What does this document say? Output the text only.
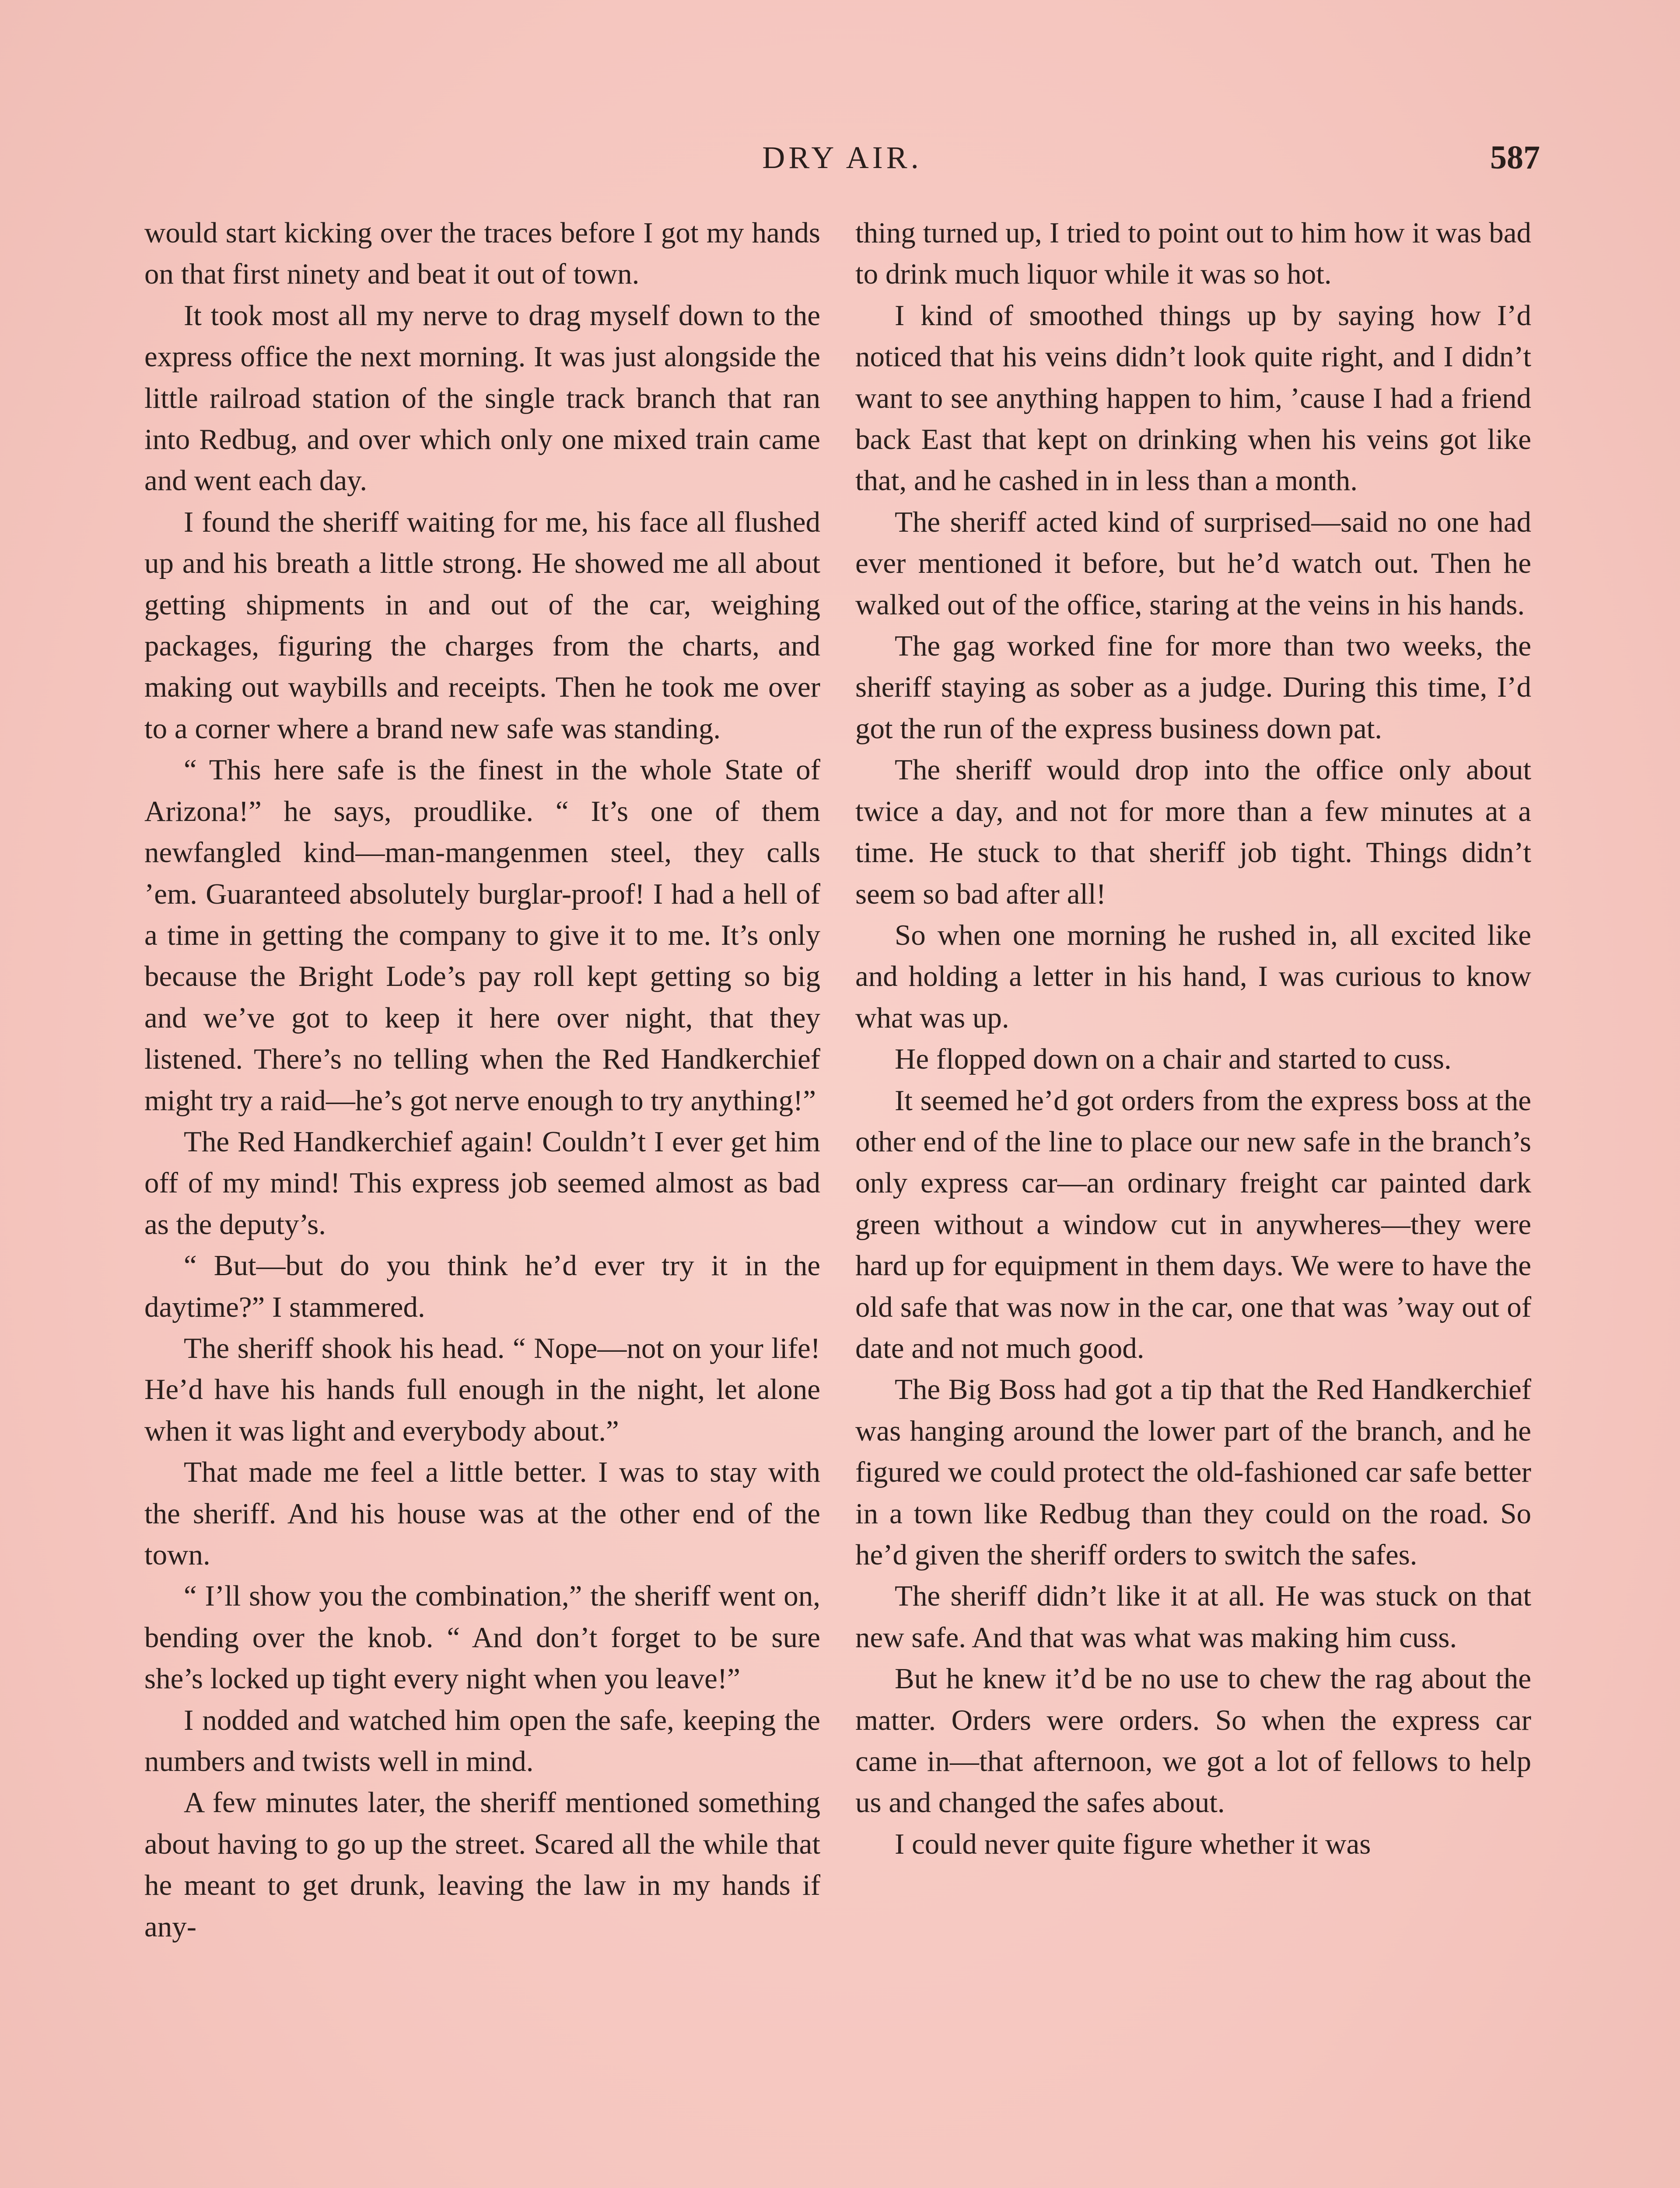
DRY AIR.	587

would start kicking over the traces before I got my hands on that first ninety and beat it out of town.

It took most all my nerve to drag myself down to the express office the next morning. It was just alongside the little railroad station of the single track branch that ran into Redbug, and over which only one mixed train came and went each day.

I found the sheriff waiting for me, his face all flushed up and his breath a little strong. He showed me all about getting shipments in and out of the car, weighing packages, figuring the charges from the charts, and making out waybills and receipts. Then he took me over to a corner where a brand new safe was standing.

“ This here safe is the finest in the whole State of Arizona!” he says, proudlike. “ It’s one of them newfangled kind—man-mangenmen steel, they calls ’em. Guaranteed absolutely burglar-proof! I had a hell of a time in getting the company to give it to me. It’s only because the Bright Lode’s pay roll kept getting so big and we’ve got to keep it here over night, that they listened. There’s no telling when the Red Handkerchief might try a raid—he’s got nerve enough to try anything!”

The Red Handkerchief again! Couldn’t I ever get him off of my mind! This express job seemed almost as bad as the deputy’s.

“ But—but do you think he’d ever try it in the daytime?” I stammered.

The sheriff shook his head. “ Nope—not on your life! He’d have his hands full enough in the night, let alone when it was light and everybody about.”

That made me feel a little better. I was to stay with the sheriff. And his house was at the other end of the town.

“ I’ll show you the combination,” the sheriff went on, bending over the knob. “ And don’t forget to be sure she’s locked up tight every night when you leave!”

I nodded and watched him open the safe, keeping the numbers and twists well in mind.

A few minutes later, the sheriff mentioned something about having to go up the street. Scared all the while that he meant to get drunk, leaving the law in my hands if any-

thing turned up, I tried to point out to him how it was bad to drink much liquor while it was so hot.

I kind of smoothed things up by saying how I’d noticed that his veins didn’t look quite right, and I didn’t want to see anything happen to him, ’cause I had a friend back East that kept on drinking when his veins got like that, and he cashed in in less than a month.

The sheriff acted kind of surprised—said no one had ever mentioned it before, but he’d watch out. Then he walked out of the office, staring at the veins in his hands.

The gag worked fine for more than two weeks, the sheriff staying as sober as a judge. During this time, I’d got the run of the express business down pat.

The sheriff would drop into the office only about twice a day, and not for more than a few minutes at a time. He stuck to that sheriff job tight. Things didn’t seem so bad after all!

So when one morning he rushed in, all excited like and holding a letter in his hand, I was curious to know what was up.

He flopped down on a chair and started to cuss.

It seemed he’d got orders from the express boss at the other end of the line to place our new safe in the branch’s only express car—an ordinary freight car painted dark green without a window cut in anywheres—they were hard up for equipment in them days. We were to have the old safe that was now in the car, one that was ’way out of date and not much good.

The Big Boss had got a tip that the Red Handkerchief was hanging around the lower part of the branch, and he figured we could protect the old-fashioned car safe better in a town like Redbug than they could on the road. So he’d given the sheriff orders to switch the safes.

The sheriff didn’t like it at all. He was stuck on that new safe. And that was what was making him cuss.

But he knew it’d be no use to chew the rag about the matter. Orders were orders. So when the express car came in—that afternoon, we got a lot of fellows to help us and changed the safes about.

I could never quite figure whether it was
